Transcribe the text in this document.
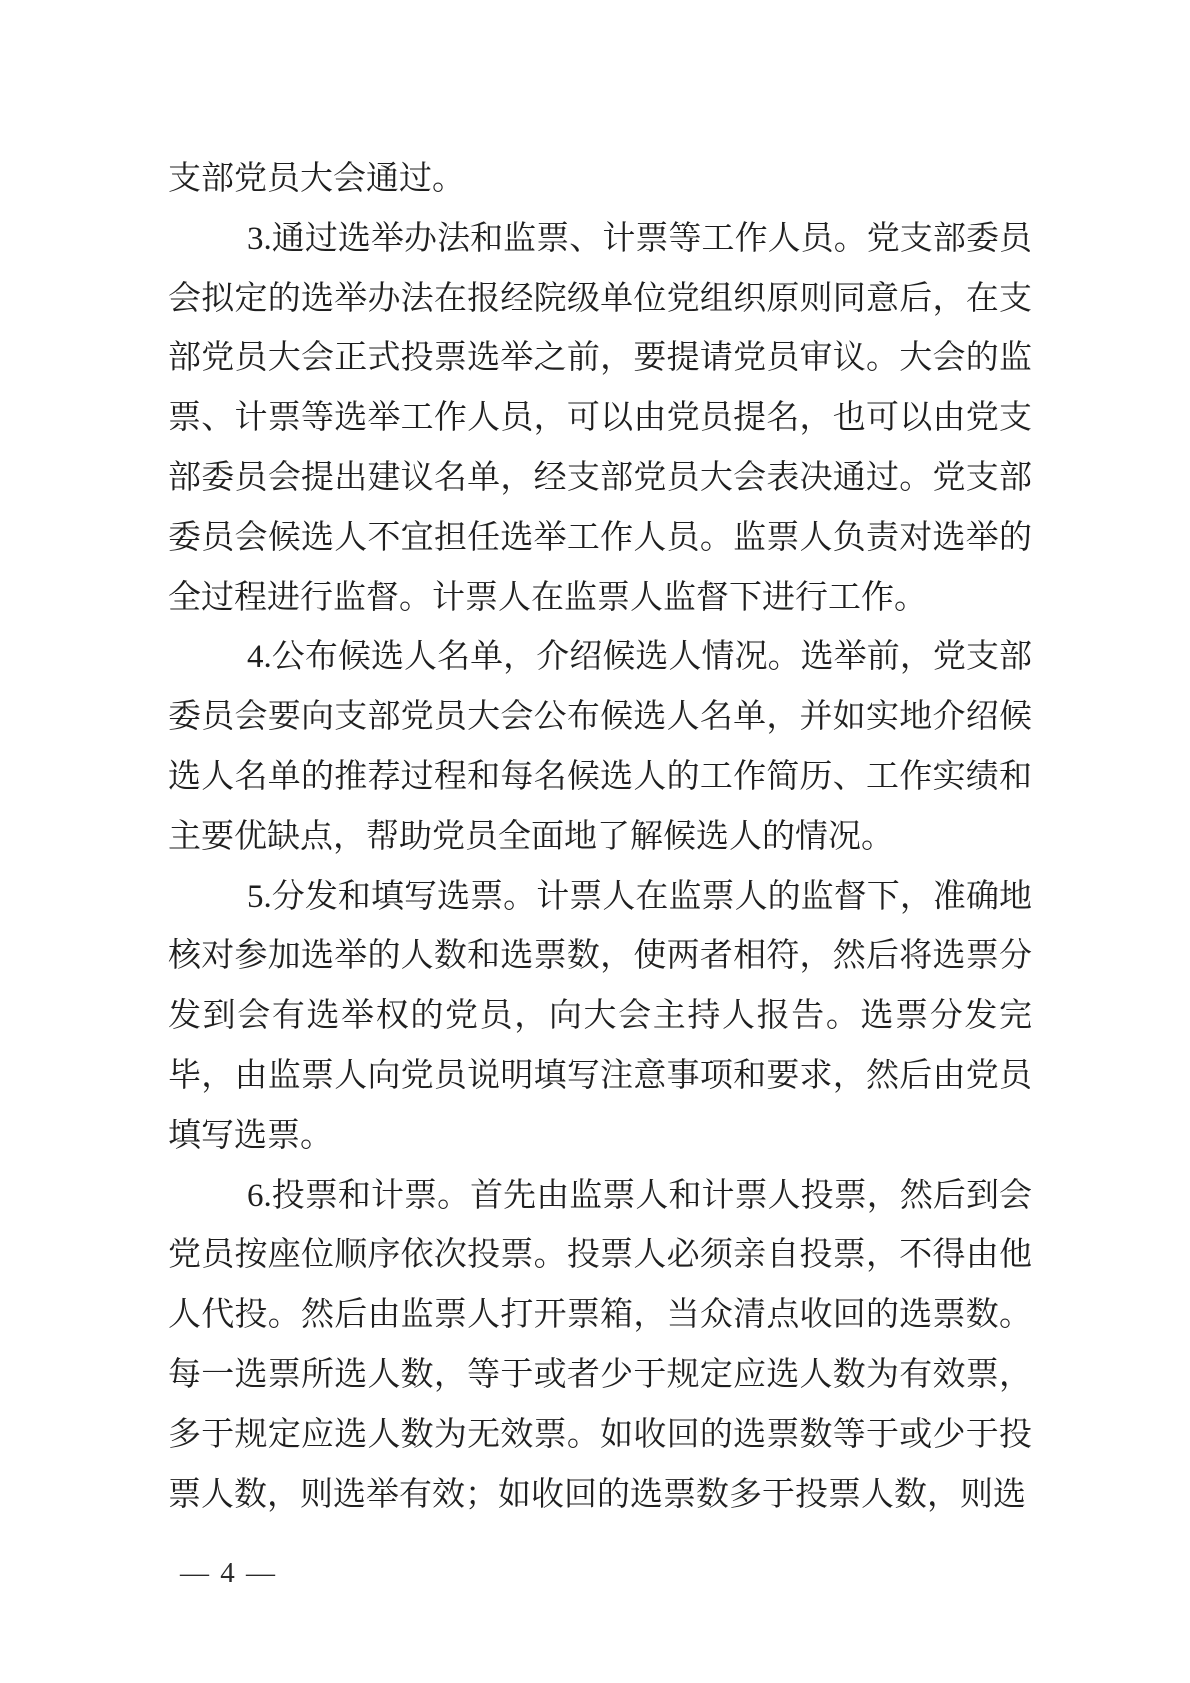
支部党员大会通过。

3.通过选举办法和监票、计票等工作人员。党支部委员会拟定的选举办法在报经院级单位党组织原则同意后，在支部党员大会正式投票选举之前，要提请党员审议。大会的监票、计票等选举工作人员，可以由党员提名，也可以由党支部委员会提出建议名单，经支部党员大会表决通过。党支部委员会候选人不宜担任选举工作人员。监票人负责对选举的全过程进行监督。计票人在监票人监督下进行工作。

4.公布候选人名单，介绍候选人情况。选举前，党支部委员会要向支部党员大会公布候选人名单，并如实地介绍候选人名单的推荐过程和每名候选人的工作简历、工作实绩和主要优缺点，帮助党员全面地了解候选人的情况。

5.分发和填写选票。计票人在监票人的监督下，准确地核对参加选举的人数和选票数，使两者相符，然后将选票分发到会有选举权的党员，向大会主持人报告。选票分发完毕，由监票人向党员说明填写注意事项和要求，然后由党员填写选票。

6.投票和计票。首先由监票人和计票人投票，然后到会党员按座位顺序依次投票。投票人必须亲自投票，不得由他人代投。然后由监票人打开票箱，当众清点收回的选票数。每一选票所选人数，等于或者少于规定应选人数为有效票，多于规定应选人数为无效票。如收回的选票数等于或少于投票人数，则选举有效；如收回的选票数多于投票人数，则选

— 4 —
